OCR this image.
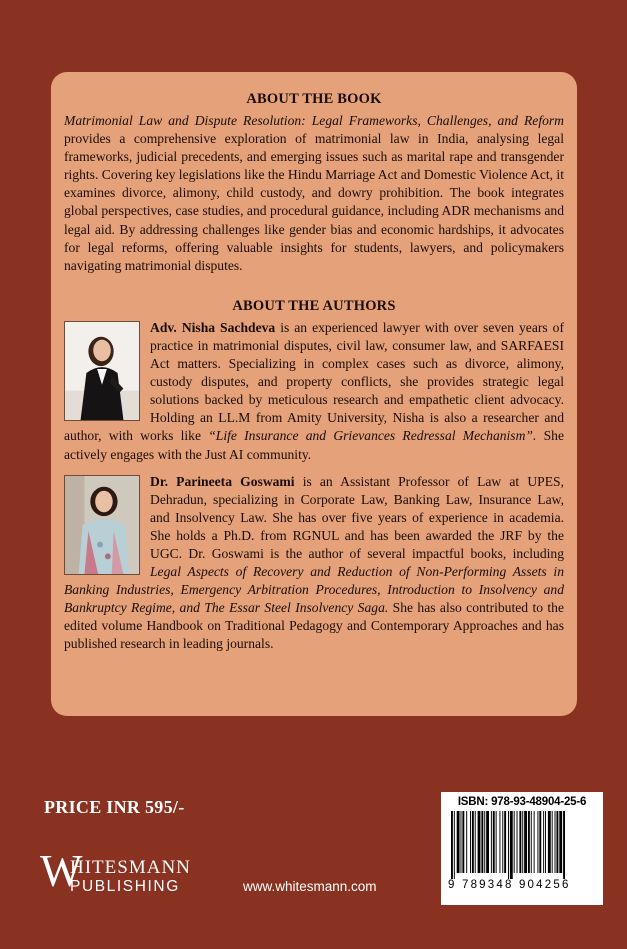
ABOUT THE BOOK

Matrimonial Law and Dispute Resolution: Legal Frameworks, Challenges, and Reform provides a comprehensive exploration of matrimonial law in India, analysing legal frameworks, judicial precedents, and emerging issues such as marital rape and transgender rights. Covering key legislations like the Hindu Marriage Act and Domestic Violence Act, it examines divorce, alimony, child custody, and dowry prohibition. The book integrates global perspectives, case studies, and procedural guidance, including ADR mechanisms and legal aid. By addressing challenges like gender bias and economic hardships, it advocates for legal reforms, offering valuable insights for students, lawyers, and policymakers navigating matrimonial disputes.

ABOUT THE AUTHORS

Adv. Nisha Sachdeva is an experienced lawyer with over seven years of practice in matrimonial disputes, civil law, consumer law, and SARFAESI Act matters. Specializing in complex cases such as divorce, alimony, custody disputes, and property conflicts, she provides strategic legal solutions backed by meticulous research and empathetic client advocacy. Holding an LL.M from Amity University, Nisha is also a researcher and author, with works like “Life Insurance and Grievances Redressal Mechanism”. She actively engages with the Just AI community.

Dr. Parineeta Goswami is an Assistant Professor of Law at UPES, Dehradun, specializing in Corporate Law, Banking Law, Insurance Law, and Insolvency Law. She has over five years of experience in academia. She holds a Ph.D. from RGNUL and has been awarded the JRF by the UGC. Dr. Goswami is the author of several impactful books, including Legal Aspects of Recovery and Reduction of Non-Performing Assets in Banking Industries, Emergency Arbitration Procedures, Introduction to Insolvency and Bankruptcy Regime, and The Essar Steel Insolvency Saga. She has also contributed to the edited volume Handbook on Traditional Pedagogy and Contemporary Approaches and has published research in leading journals.

PRICE INR 595/-
W
HITESMANN
PUBLISHING	www.whitesmann.com
ISBN: 978-93-48904-25-6
9 789348 904256
